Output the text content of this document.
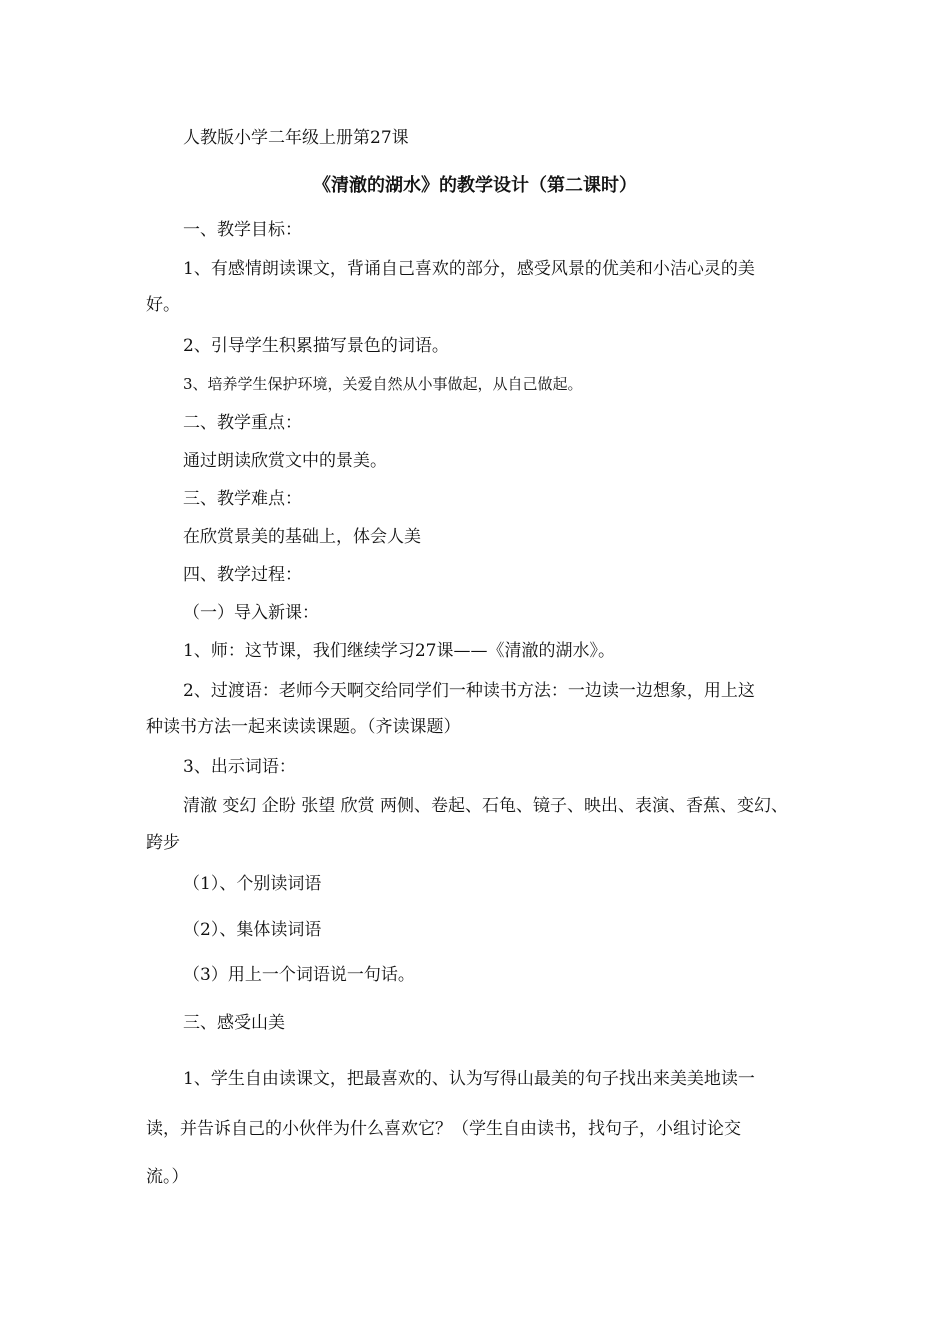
人教版小学二年级上册第27课

《清澈的湖水》的教学设计（第二课时）

一、教学目标：

1、有感情朗读课文，背诵自己喜欢的部分，感受风景的优美和小洁心灵的美

好。

2、引导学生积累描写景色的词语。

3、培养学生保护环境，关爱自然从小事做起，从自己做起。

二、教学重点：

通过朗读欣赏文中的景美。

三、教学难点：

在欣赏景美的基础上，体会人美

四、教学过程：

（一）导入新课：

1、师：这节课，我们继续学习27课——《清澈的湖水》。

2、过渡语：老师今天啊交给同学们一种读书方法：一边读一边想象，用上这

种读书方法一起来读读课题。（齐读课题）

3、出示词语：

清澈 变幻 企盼 张望 欣赏 两侧、卷起、石龟、镜子、映出、表演、香蕉、变幻、

跨步

（1）、个别读词语

（2）、集体读词语

（3）用上一个词语说一句话。

三、感受山美

1、学生自由读课文，把最喜欢的、认为写得山最美的句子找出来美美地读一

读，并告诉自己的小伙伴为什么喜欢它？（学生自由读书，找句子，小组讨论交

流。）
